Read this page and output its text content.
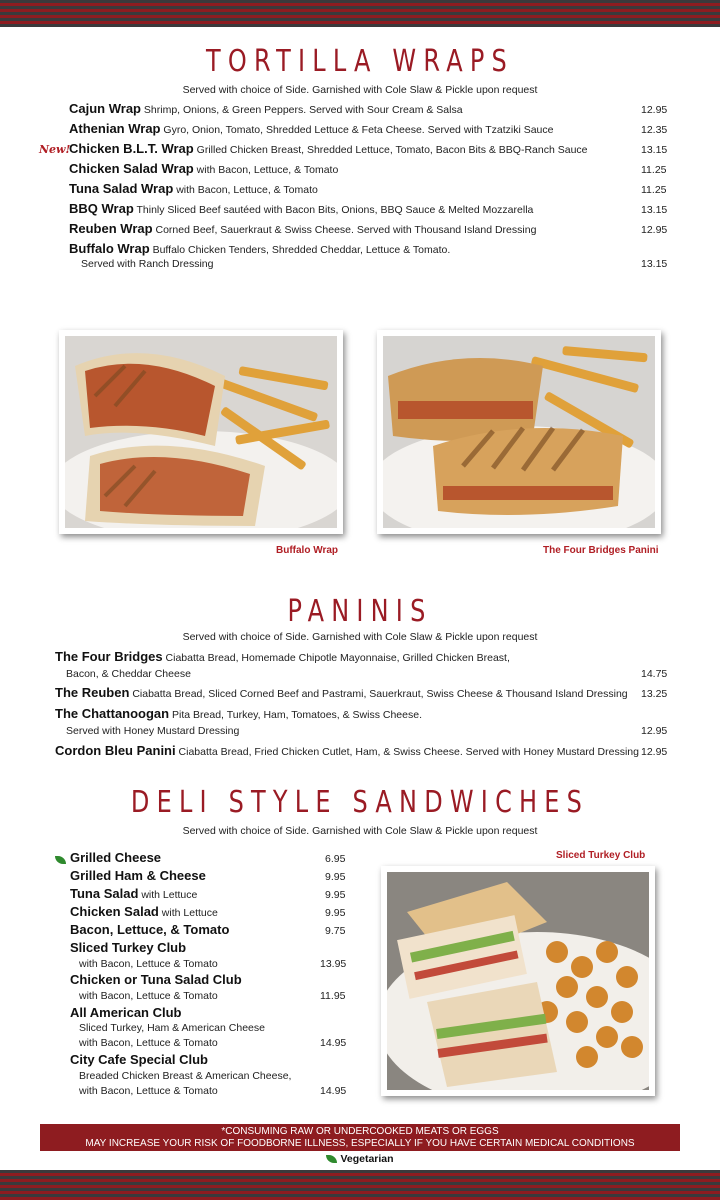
TORTILLA WRAPS
Served with choice of Side. Garnished with Cole Slaw & Pickle upon request
Cajun Wrap Shrimp, Onions, & Green Peppers. Served with Sour Cream & Salsa	12.95
Athenian Wrap Gyro, Onion, Tomato, Shredded Lettuce & Feta Cheese. Served with Tzatziki Sauce	12.35
New!
Chicken B.L.T. Wrap Grilled Chicken Breast, Shredded Lettuce, Tomato, Bacon Bits & BBQ-Ranch Sauce	13.15
Chicken Salad Wrap with Bacon, Lettuce, & Tomato	11.25
Tuna Salad Wrap with Bacon, Lettuce, & Tomato	11.25
BBQ Wrap Thinly Sliced Beef sautéed with Bacon Bits, Onions, BBQ Sauce & Melted Mozzarella	13.15
Reuben Wrap Corned Beef, Sauerkraut & Swiss Cheese. Served with Thousand Island Dressing	12.95
Buffalo Wrap Buffalo Chicken Tenders, Shredded Cheddar, Lettuce & Tomato.
Served with Ranch Dressing	13.15
Buffalo Wrap	The Four Bridges Panini
PANINIS
Served with choice of Side. Garnished with Cole Slaw & Pickle upon request
The Four Bridges Ciabatta Bread, Homemade Chipotle Mayonnaise, Grilled Chicken Breast,
Bacon, & Cheddar Cheese	14.75
The Reuben Ciabatta Bread, Sliced Corned Beef and Pastrami, Sauerkraut, Swiss Cheese & Thousand Island Dressing 13.25
The Chattanoogan Pita Bread, Turkey, Ham, Tomatoes, & Swiss Cheese.
Served with Honey Mustard Dressing	12.95
Cordon Bleu Panini Ciabatta Bread, Fried Chicken Cutlet, Ham, & Swiss Cheese. Served with Honey Mustard Dressing 12.95
DELI STYLE SANDWICHES
Served with choice of Side. Garnished with Cole Slaw & Pickle upon request
Grilled Cheese	6.95
Grilled Ham & Cheese	9.95
Tuna Salad with Lettuce	9.95
Chicken Salad with Lettuce	9.95
Bacon, Lettuce, & Tomato	9.75
Sliced Turkey Club
with Bacon, Lettuce & Tomato	13.95
Chicken or Tuna Salad Club
with Bacon, Lettuce & Tomato	11.95
All American Club
Sliced Turkey, Ham & American Cheese
with Bacon, Lettuce & Tomato	14.95
City Cafe Special Club
Breaded Chicken Breast & American Cheese,
with Bacon, Lettuce & Tomato	14.95
Sliced Turkey Club
*CONSUMING RAW OR UNDERCOOKED MEATS OR EGGS
MAY INCREASE YOUR RISK OF FOODBORNE ILLNESS, ESPECIALLY IF YOU HAVE CERTAIN MEDICAL CONDITIONS
Vegetarian
